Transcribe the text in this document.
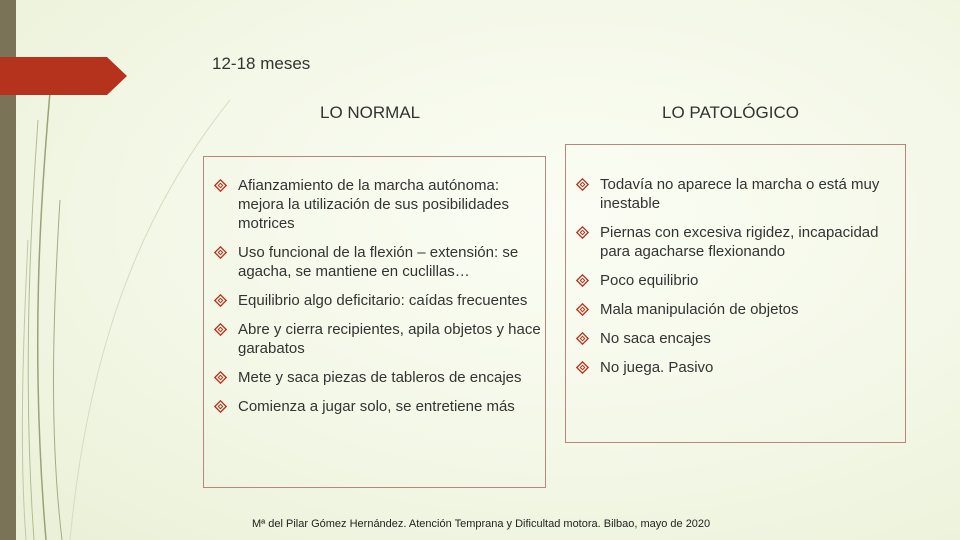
12-18 meses
LO NORMAL	LO PATOLÓGICO
Afianzamiento de la marcha autónoma: mejora la utilización de sus posibilidades motrices
Uso funcional de la flexión – extensión: se agacha, se mantiene en cuclillas…
Equilibrio algo deficitario: caídas frecuentes
Abre y cierra recipientes, apila objetos y hace garabatos
Mete y saca piezas de tableros de encajes
Comienza a jugar solo, se entretiene más
Todavía no aparece la marcha o está muy inestable
Piernas con excesiva rigidez, incapacidad para agacharse flexionando
Poco equilibrio
Mala manipulación de objetos
No saca encajes
No juega. Pasivo
Mª del Pilar Gómez Hernández. Atención Temprana y Dificultad motora. Bilbao, mayo de 2020
